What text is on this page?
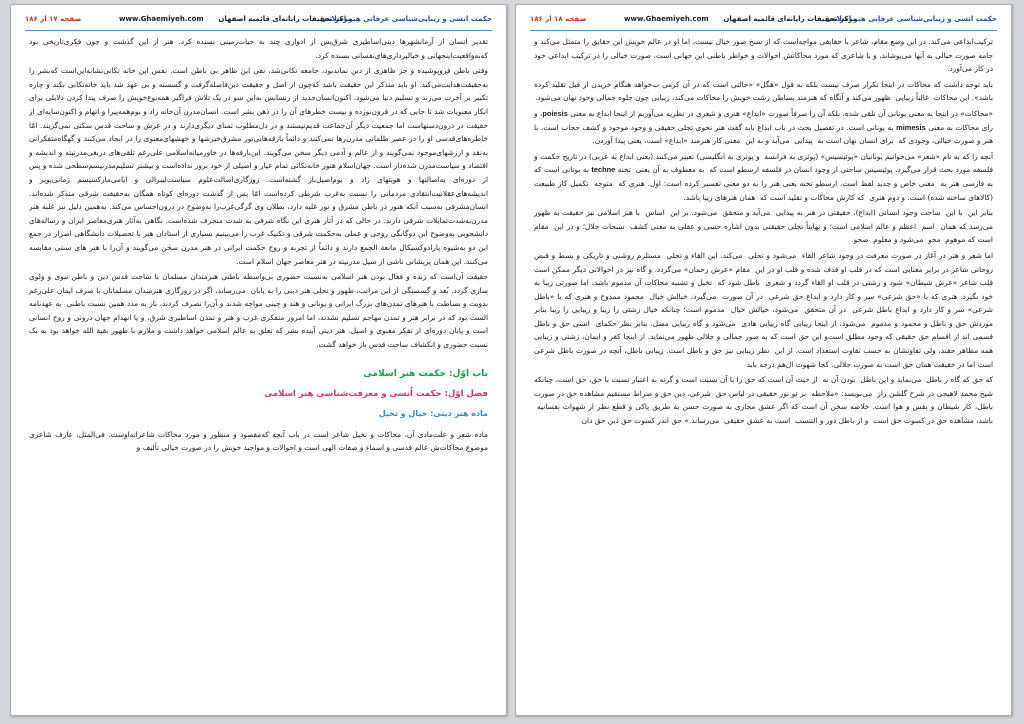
حکمت انسی و زیبایی‌شناسی عرفانی هنر اسلامی
مرکز تحقیقات رایانه‌ای قائمیه اصفهان
www.Ghaemiyeh.com
صفحه ۱۷ از ۱۸۶

تقدیر انسان از آرمانشهرها دینی‌اساطیری شرق‌پس از ادواری چند به حیات‌زمینی بسنده کرد. هنر از این گذشت و چون فکری‌تاریخی بود که‌به‌واقعیت‌اینجهانی و خیالپردازی‌های‌نفسانی بسنده کرد.

وقتی باطن فروپوشیده و جز ظاهری از دین نماند‌بود، جامعه تکانی‌شد، نفی این ظاهر بی باطن است. نفس این خانه تکانی‌نشانه‌این‌است که‌بشر را به‌حقیقت‌هدایت‌می‌کند. او باید متذکر این حقیقت باشد که‌چون از اصل و حقیقت دین‌فاصله‌گرفت و گسسته‌ و بی عهد شد باید خانه‌تکانی‌ بکند و چاره تکبیر بر آخرت‌ می‌زند و تسلیم دنیا می‌شود. اکنون‌انسان‌جدید از رنسانس به‌این سو در یک تلاش فراگیر همه‌نوع‌خویش را صرف پیدا کردن دلایلی برای انکار معنویات شد تا جایی که در قرون‌نوزده و بیست خطرهای آن را در ذهن بشر است. انسان‌مدرن آن‌خانه زاد و بوم‌همه‌پیرا و اتهام‌ و اکنون‌سایه‌ای از حقیقت در درون‌دستهاست‌ اما جمعیت‌ دیگر آن‌جماعت‌ قدیم‌نیستند و در دل‌مطلوب تمنای دیگری‌دارند و در عرش و ساحت‌ قدس‌ سکنی نمی‌گزیند. امّا خاطره‌های‌قدسی او را در عصر ظلمانی مدرن‌رها نمی‌کنند و دائماً بارقه‌هایی‌نور مشرق‌خیزشها و جهشهای‌معنوی را در ایجاد می‌کنند و گهگاه‌متفکرانی به‌نقد و ارزشهای‌موجود نمی‌گویند و از عالم و آدمی‌ دیگر سخن‌ می‌گویند. این‌بارقه‌ها در خاورمیانه‌اسلامی‌ علی‌رغم‌ تلقی‌های دریغی‌مدرنیته‌ و اندیشه‌ و اقتصاد و سیاست‌مدرن‌ شده‌دار است. جهان‌اسلام‌ هنوز خانه‌تکانی تمام عیار و اصیلی‌ از خود بروز نداده‌است و بیشتر تسلیم‌مدرنیسم‌سطحی شده‌ و پس از دوره‌ای‌ به‌اصالتها و هویتهای زاد و بوم‌اصیل‌باز گشته‌است. روزگاری‌اصالت‌علوم سیاست‌لیبرالی‌ و ایامی‌مارکسیسم زمانی‌‌پوپر و اندیشه‌های‌عقلانیت‌انتقادی‌ مرد‌مانی را نسبت‌ به‌غرب‌ شرطی کرده‌است امّا پس از گذشت‌ دوره‌ای کوتاه‌ همگان‌ به‌حقیقت‌ شرقی‌ متذکر شده‌اند. انسان‌مشرقی به‌سبب آنکه‌ هنوز در باطن‌ مشرق‌ و نور غلبه‌ دارد، بطلان ‌وی گرگی‌غرب‌را به‌وضوح در درون‌احساس‌ می‌کند. به‌همین دلیل ‌نیز غلبه‌ هنر مدرن‌به‌شدت‌تمایلات ‌شرقی دارند. در حالی ‌که در آثار‌ هنری‌ این نگاه ‌شرقی ‌به ‌شدت‌ منحرف‌ شد‌ه‌است. نگاهی به‌آثار هنری‌‌معاصر ایران و رساله‌های‌ دانشجویی به‌وضوح این دوگانگی روحی و عملی‌ به‌حکمت‌ شرقی و تکنیک غرب‌ را می‌بینیم بسیاری‌ از استادان‌ هنر با تحصیلات ‌دانشگاهی ‌اصرار در جمع ‌این ‌دو به‌شیوه ‌پارادوکسیکال‌ مانعة‌ الجمع ‌دارند و دائماً از تجربه و روح‌ حکمت‌ ‌ایرانی در هنر مدرن ‌سخن ‌می‌گویند و آن‌را با هنر های ‌سنتی‌ مقایسه ‌می‌کنند. این‌ همان‌ پریشانی ‌ناشی از سیل‌ مدرنیته ‌در هنر معاصر جهان‌ ‌اسلام‌ ‌است.

حقیقت آن‌است که زنده و فعال‌ بودن‌ هنر اسلامی به‌نسبت حضوری ‌بی‌واسطه‌ باطنی‌ هنرمندان‌ مسلمان‌ با ساحت‌ قدس‌ دین و باطن نبوی و ولوی‌ ‌سازی‌ گردد. بُعد و گسستگی از این مراتب، ظهور و تجلی ‌هنر دینی را به ‌پایان ‌ می‌رساند، اگر در روزگاری ‌هنرمندان ‌مسلمانان‌ با صرف ایمان علی‌رغم‌ بدویت‌ و بساطت‌ با هنرهای‌ تمدن‌ها‌ی بزرگ ‌ایرانی و یونانی و هند و چینی ‌مواجه ‌شدند و آن‌را تصرف ‌کردند، باز به ‌مدد همین ‌نسبت‌ ‌باطنی ‌ به ‌عهد‌نامه ‌الست‌ بود که ‌در برابر هنر و تمدن ‌مهاجم ‌تسلیم‌ نشدند، اما ‌امروز ‌متفکری‌ غرب و هنر و تمدن‌ ‌اساطیری ‌شرق، و یا انهدام‌ جهان ‌درونی و روح ‌انسانی ‌است و پایان‌ دوره‌ای ‌از تفکر معنوی ‌و اصیل. هنر دینی ‌آینده ‌بشر که ‌تعلق ‌به ‌عالم‌ ‌اسلامی ‌خواهد داشت و ملازم با ظهور بقیة‌ الله ‌خواهد بود به‌ یک‌ نسبت ‌حضوری و انکشاف ‌ساحت ‌قدس ‌باز خواهد گشت.

باب اوّل: حکمت هنر اسلامی
فصل اوّل: حکمت اُنسی و معرفت‌شناسی هنر اسلامی
ماده هنر دینی: خیال و تخیل

ماده شعر و علت‌مادی آن، محاکات و تخیل شاعر است در باب آنچه که‌مقصود و منظور و مورد محاکات شاعرانه‌اوست. فی‌المثل، عارف شاعری ‌موضوع‌ محاکات‌ش عالم‌ قدسی و اسماء و صفات ‌الهی ‌است و احوالات و مواجید خویش‌ را در صورت ‌خیالی ‌تألیف و

حکمت انسی و زیبایی‌شناسی عرفانی هنر اسلامی
مرکز تحقیقات رایانه‌ای قائمیه اصفهان
www.Ghaemiyeh.com
صفحه ۱۸ از ۱۸۶

ترکیب‌ابداعی می‌کند. در این‌ وضع‌ مقام، شاعر با حقایقی مواجه‌است که‌ از سنخ ‌صور خیال ‌نیست، اما او در عالم‌ خویش این حقایق را متمثل می‌کند و جامه ‌صورت‌ خیالی ‌به‌ آنها می‌پوشاند، و یا شاعری‌ که‌ مورد محاکاتش‌ احوالات و خواطر باطنی ‌این جهانی ‌است، صورت‌ خیالی ‌را در ترکیب ‌ابداعی ‌خود در کار می‌آورد.

باید توجه‌ داشت‌ که ‌محاکات ‌در اینجا تکرار صرف نیست ‌بلکه ‌به‌ قول «هگل» «حالتی ‌است‌ که در آن ‌کرمی ‌ب‌خواهد ‌هنگام ‌خزیدن ‌از فیل ‌تقلید کرده ‌باشد». این ‌محاکات ‌ غالباً ‌زیبایی ‌ ظهور می‌کند و آنگاه‌ که‌ هنرمند ‌بساطن ‌زشت ‌خویش ‌را محاکات ‌می‌کند، زیبایی ‌چون ‌جلوه‌ جمالی ‌وجود نهان ‌می‌شود.

«محاکات» در اینجا به‌ معنی ‌یونانی آن ‌تلقی ‌شده، بلکه‌ آن ‌را صرفاً صورت «ابداع» هنری ‌و شعری ‌در نظریه می‌آوریم ‌از اینجا ابداع ‌به‌ معنی poiesis، و رای‌ محاکات ‌به‌ معنی mimesis به ‌یونانی ‌است. در تفصیل ‌بحث‌ در باب ‌ابداع ‌باید گفت ‌هنر نحوی ‌تجلی ‌حقیقی ‌و وجود موجود و کشف ‌حجاب ‌است. با هنر و صورت ‌خیالی، وجودی که ‌ برای ‌انسان ‌نهان ‌است به ‌ پیدایی ‌ می‌آید و به ‌این ‌ معنی ‌کار هنرمند «ابداع» است، یعنی ‌پیدا آوردن.

آنچه ‌را که ‌به ‌نام ‌«شعر» می‌خوانیم ‌یونانیان ‌«پوئیسیس» (پوئزی ‌به ‌فرانسه ‌ و پوتری ‌به‌ انگلیسی) تعبیر می‌کنند (یعنی ‌ابداع ‌به‌ عربی) در تاریخ ‌حکمت و فلسفه ‌مورد بحث ‌قرار می‌گیرد. پوئیسیس ‌ساحتی ‌از وجود انسان ‌در فلسفه ‌ارسطو است که ‌ به ‌معطوف به‌ ‌آن ‌یعنی ‌ تخنه techne به ‌یونانی ‌است که ‌به ‌فارسی ‌هنر ‌به ‌ معنی‌ خاص و جدید لفظ ‌است. ارسطو تخنه ‌یعنی ‌هنر را به ‌دو معنی ‌تفسیر کرده ‌است: اول. هنری ‌که ‌ متوجه ‌‌ تکمیل ‌کار طبیعت ‌(کالاهای ‌ساخته ‌شده) است. و دوم ‌هنری ‌ که‌ کارش ‌محاکات ‌و تقلید است که ‌ همان ‌هنرهای ‌زیبا باشد.

بنابر این ‌ با این ‌ ساحت ‌وجود انسانی ‌(ابداع)، حقیقتی ‌در هنر ‌به‌ پیدایی ‌ می‌آید و متحقق ‌ می‌شود. بر این ‌ اساس ‌ با هنر اسلامی ‌نیز حقیقت ‌به ‌ظهور می‌رسد که ‌همان ‌‌ اسم ‌‌ اعظم ‌و عالم ‌اسلامی ‌است؛ و نهایتاً ‌تجلی ‌حقیقتی ‌بدون ‌اشاره ‌‌حسی ‌و عقلی ‌به‌ ‌معنی ‌کشف ‌ سبحات ‌جلال؛ و در این ‌ مقام ‌است ‌که ‌موهوم ‌ محو ‌ می‌شود و معلوم ‌ صحو.

اما شعر و هنر در آغاز در صورت ‌معرفت ‌در وجود شاعر القاء ‌ می‌شود و تجلی ‌ می‌کند. این ‌القاء و تجلی ‌ مستلزم ‌روشنی ‌و تاریکی ‌و بسط و قبض ‌روحانی ‌شاعر در برابر معنایی ‌است ‌که ‌در قلب ‌او قذف ‌شده و قلب ‌او در این ‌ مقام ‌«عرش‌ رحمان» ‌می‌گردد. و گاه ‌نیز در احوالاتی ‌دیگر ممکن ‌است ‌قلب ‌شاعر «عرش ‌شیطان» شود و زشتی ‌در قلب ‌او القاء گردد و شعری ‌ باطل ‌شود که ‌ تخیل ‌و تشبیه محاکات ‌آن ‌مذموم ‌باشد، اما صورتی ‌زیبا به ‌خود بگیرد. هنری ‌که ‌با «حق ‌شرعی» سر و کار دارد و ابداع ‌حق ‌شرعی ‌ در آن ‌صورت ‌ می‌گیرد، خیالش ‌خیال ‌‌ محمود ممدوح و هنری ‌که با «باطل ‌شرعی» سر و کار دارد و ابداع باطل ‌شرعی ‌ در آن ‌متحقق ‌ می‌شود، خیالش ‌خیال ‌‌ مذموم ‌است؛ چنانکه ‌خیال ‌زشتی ‌را زیبا و زیبایی ‌را زیبا بنابر ‌موردش ‌حق و باطل ‌و محمود و مذموم ‌ می‌شود، از اینجا زیبایی ‌گاه ‌زیبایی ‌هادی ‌ می‌شود و گاه ‌زیبایی ‌مضل. بنابر نظر حکمای ‌ انسی ‌حق و باطل ‌قسمی ‌اند از اقسام ‌حق ‌حقیقی ‌که ‌وجود مطلق ‌است‌و این ‌حق ‌است ‌که ‌به ‌صور جمالی و جلالی ‌ظهور می‌نماید. از اینجا کفر و ایمان، زشتی و زیبایی ‌همه ‌مظاهر حقند، ولی ‌تفاوتشان ‌به ‌حسب ‌تفاوت ‌استعداد است. از این ‌ نظر زیبایی ‌نیز حق ‌و باطل ‌است. زیبایی ‌باطل، آنچه در صورت ‌باطل ‌شرعی ‌است ‌اما در حقیقت ‌همان ‌حق ‌است ‌به ‌صورت ‌جلالی. کجا شهوت ‌ال‌هم ‌درجه ‌باید

که‌ حق ‌که ‌گاه ‌ز باطل ‌ می‌نماید و این ‌باطل ‌ بودن ‌آن ‌نه ‌ از حیث ‌آن ‌است ‌که ‌حق ‌را با آن ‌نسبت ‌است ‌و گرنه ‌به ‌اعتبار نسبت ‌با حق، حق ‌است، چنانکه ‌شیخ ‌محمد لاهیجی ‌در شرح ‌گلشن ‌راز ‌ می‌نویسد: «ملاحظه ‌ بر تو نور ‌حقیقی ‌در لباس ‌حق ‌‌ شرعی، دین ‌حق و صراط ‌مستقیم ‌مشاهده ‌حق ‌در صورت ‌باطل، کار شیطان ‌و نفس و هوا ‌است. خلاصه ‌سخن ‌آن ‌است ‌که ‌اگر عشق ‌مجازی ‌به ‌صورت ‌حسن ‌به ‌طریق ‌پاکی ‌و قطع ‌نظر از شهوات ‌نفسانیه ‌ باشد، مشاهده ‌حق ‌در کسوت ‌حق ‌است ‌ و از باطل ‌دور و التنسب ‌ است ‌به ‌عشق ‌حقیقی ‌ می‌رساند.» حق ‌اندر کسوت ‌حق ‌دین ‌حق ‌دان
